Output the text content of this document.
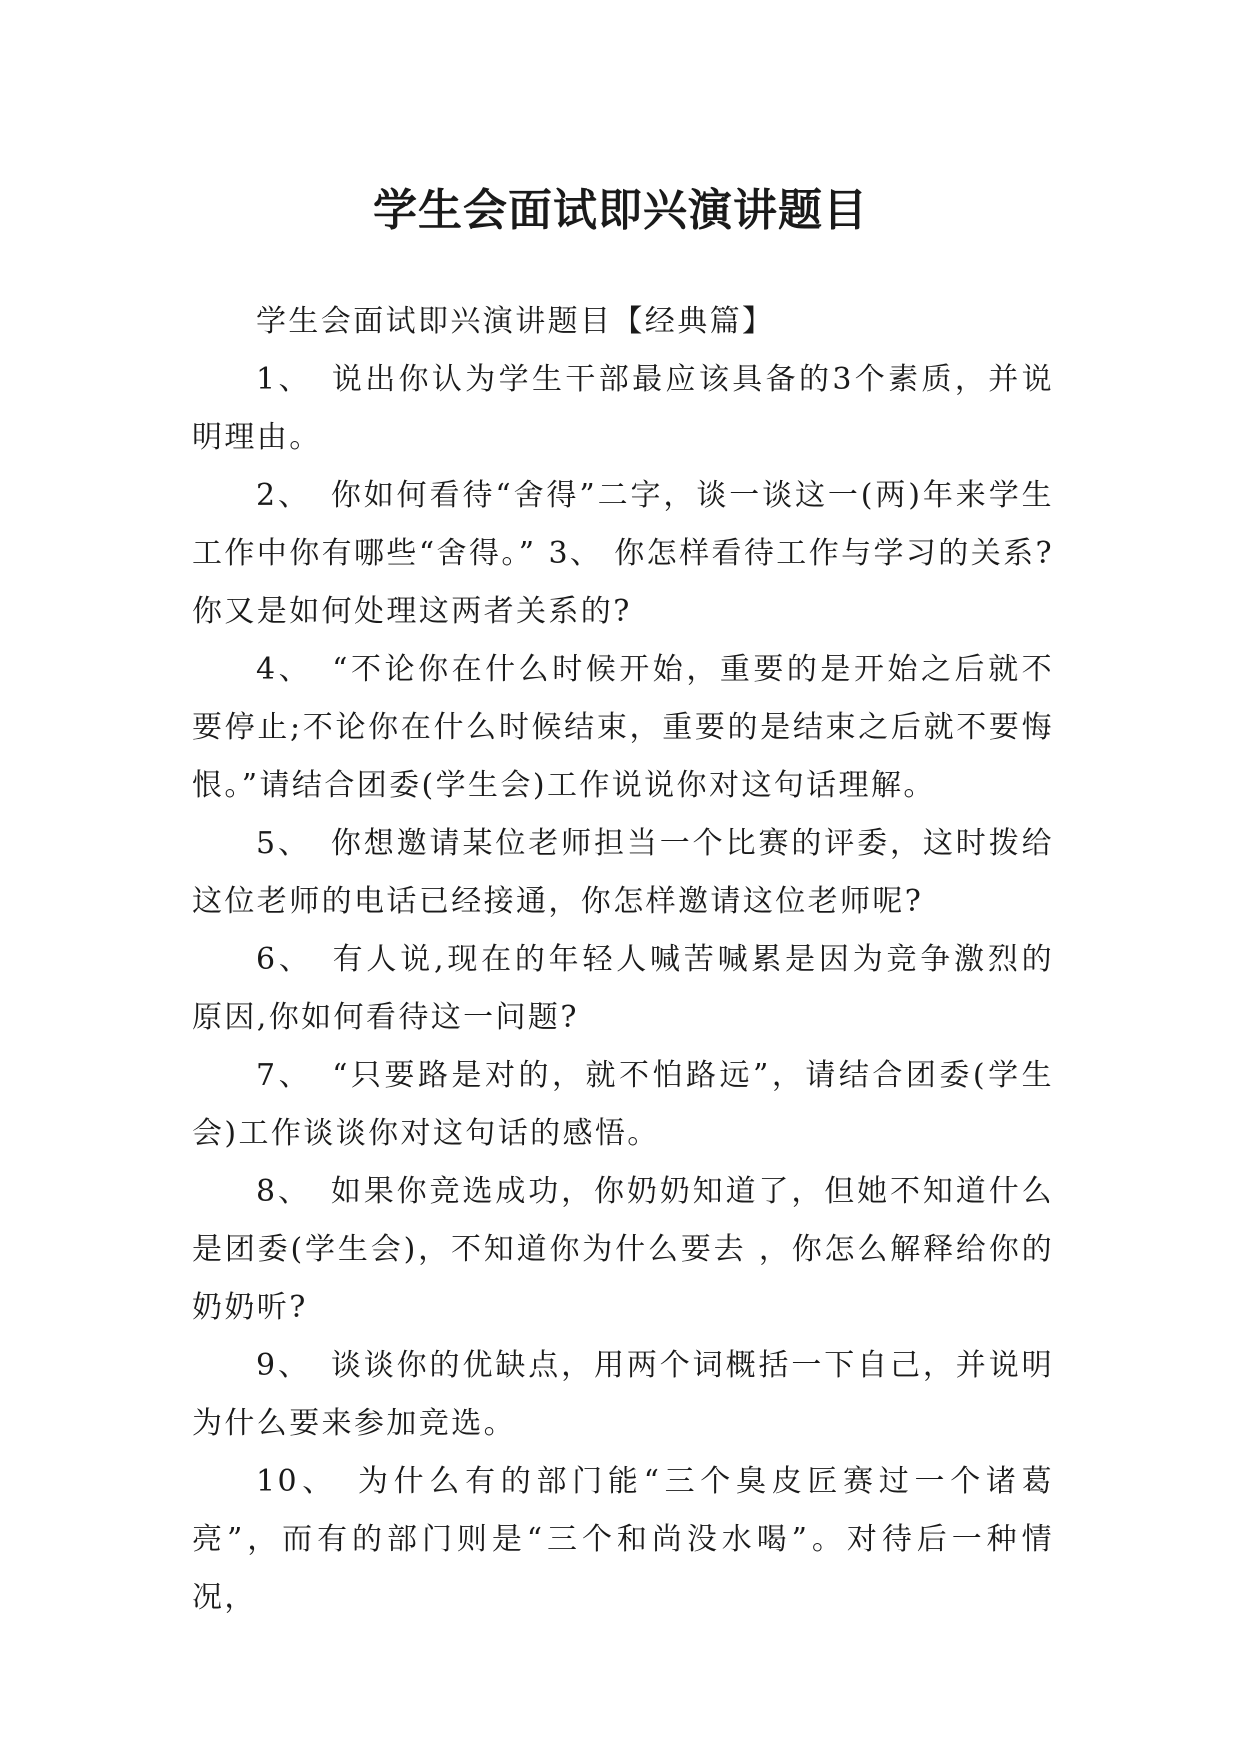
学生会面试即兴演讲题目

学生会面试即兴演讲题目【经典篇】

1、 说出你认为学生干部最应该具备的3个素质，并说明理由。

2、 你如何看待“舍得”二字，谈一谈这一(两)年来学生工作中你有哪些“舍得。” 3、 你怎样看待工作与学习的关系?你又是如何处理这两者关系的?

4、 “不论你在什么时候开始，重要的是开始之后就不要停止;不论你在什么时候结束，重要的是结束之后就不要悔恨。”请结合团委(学生会)工作说说你对这句话理解。

5、 你想邀请某位老师担当一个比赛的评委，这时拨给这位老师的电话已经接通，你怎样邀请这位老师呢?

6、 有人说,现在的年轻人喊苦喊累是因为竞争激烈的原因,你如何看待这一问题?

7、 “只要路是对的，就不怕路远”，请结合团委(学生会)工作谈谈你对这句话的感悟。

8、 如果你竞选成功，你奶奶知道了，但她不知道什么是团委(学生会)，不知道你为什么要去 ，你怎么解释给你的奶奶听?

9、 谈谈你的优缺点，用两个词概括一下自己，并说明为什么要来参加竞选。

10、 为什么有的部门能“三个臭皮匠赛过一个诸葛亮”，而有的部门则是“三个和尚没水喝”。对待后一种情况，
